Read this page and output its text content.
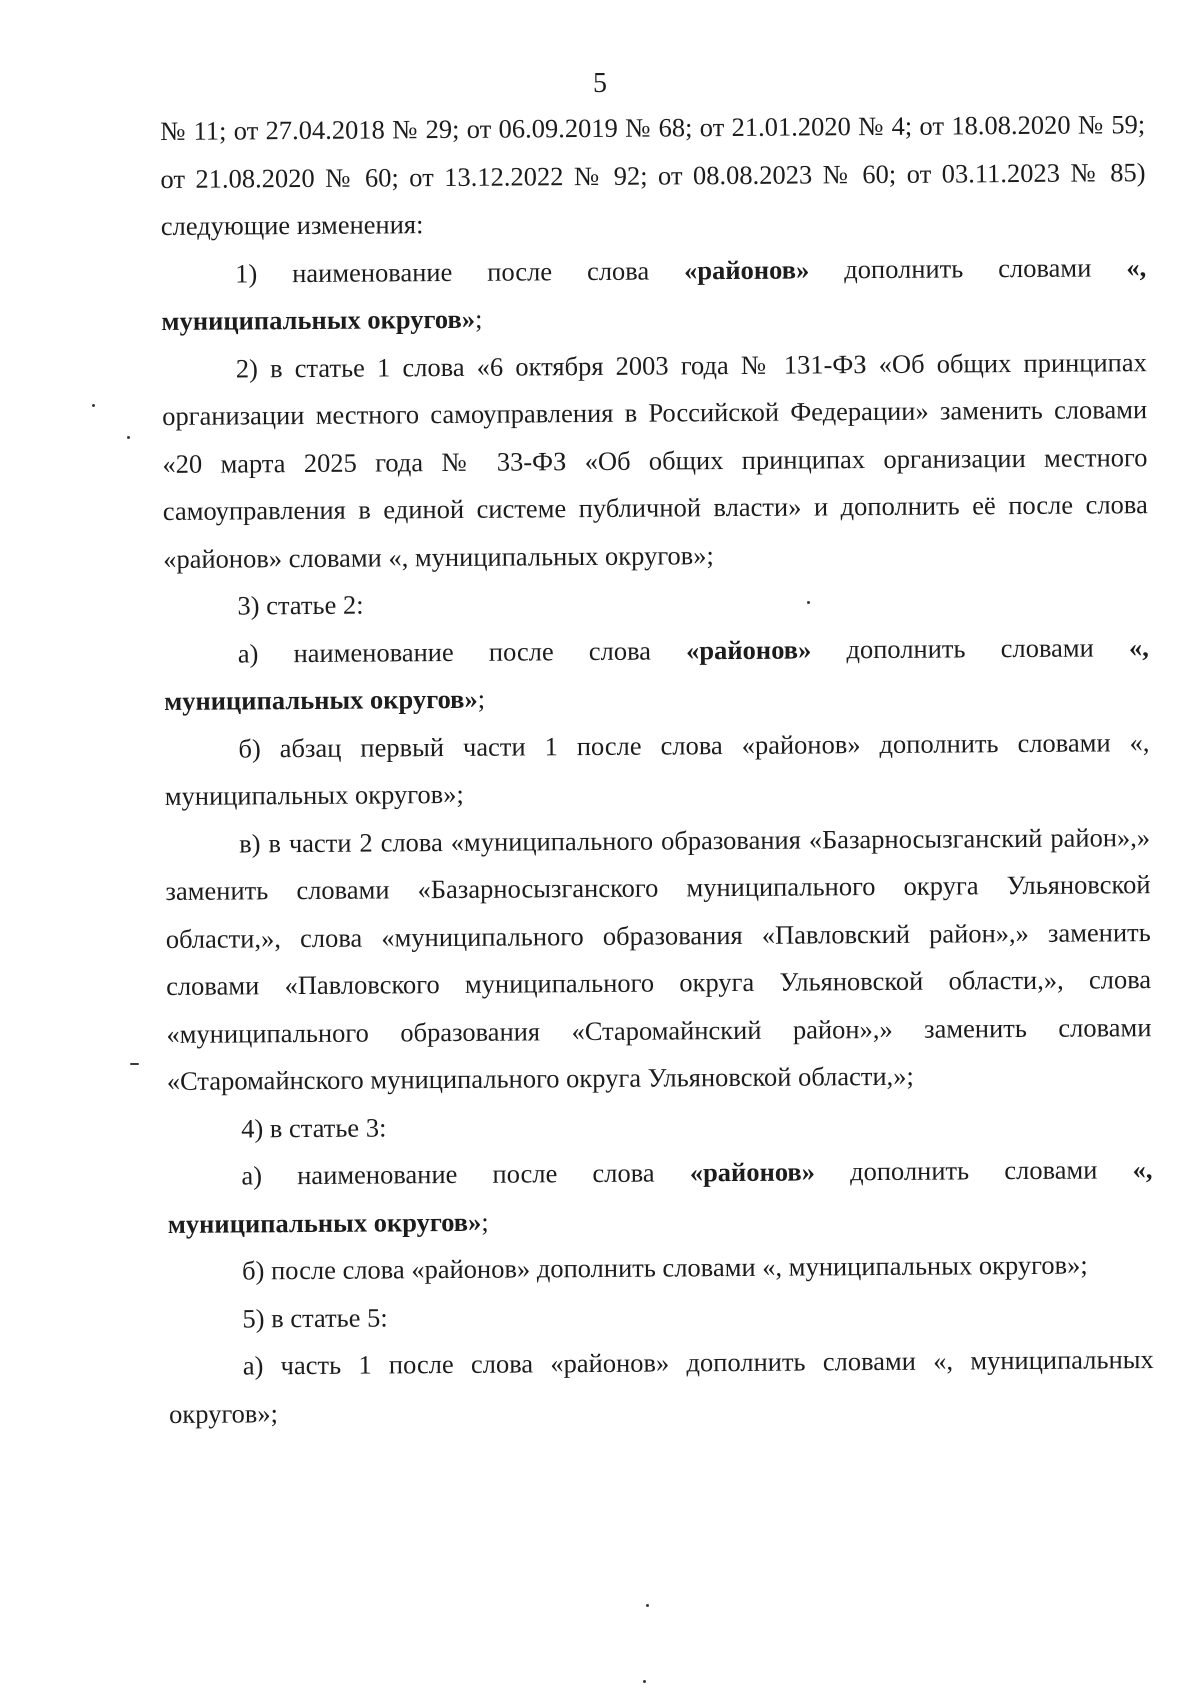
5

№ 11; от 27.04.2018 № 29; от 06.09.2019 № 68; от 21.01.2020 № 4; от 18.08.2020 № 59; от 21.08.2020 № 60; от 13.12.2022 № 92; от 08.08.2023 № 60; от 03.11.2023 № 85) следующие изменения:

1) наименование после слова «районов» дополнить словами «, муниципальных округов»;

2) в статье 1 слова «6 октября 2003 года № 131-ФЗ «Об общих принципах организации местного самоуправления в Российской Федерации» заменить словами «20 марта 2025 года № 33-ФЗ «Об общих принципах организации местного самоуправления в единой системе публичной власти» и дополнить её после слова «районов» словами «, муниципальных округов»;

3) статье 2:

а) наименование после слова «районов» дополнить словами «, муниципальных округов»;

б) абзац первый части 1 после слова «районов» дополнить словами «, муниципальных округов»;

в) в части 2 слова «муниципального образования «Базарносызганский район»,» заменить словами «Базарносызганского муниципального округа Ульяновской области,», слова «муниципального образования «Павловский район»,» заменить словами «Павловского муниципального округа Ульяновской области,», слова «муниципального образования «Старомайнский район»,» заменить словами «Старомайнского муниципального округа Ульяновской области,»;

4) в статье 3:

а) наименование после слова «районов» дополнить словами «, муниципальных округов»;

б) после слова «районов» дополнить словами «, муниципальных округов»;

5) в статье 5:

а) часть 1 после слова «районов» дополнить словами «, муниципальных округов»;
